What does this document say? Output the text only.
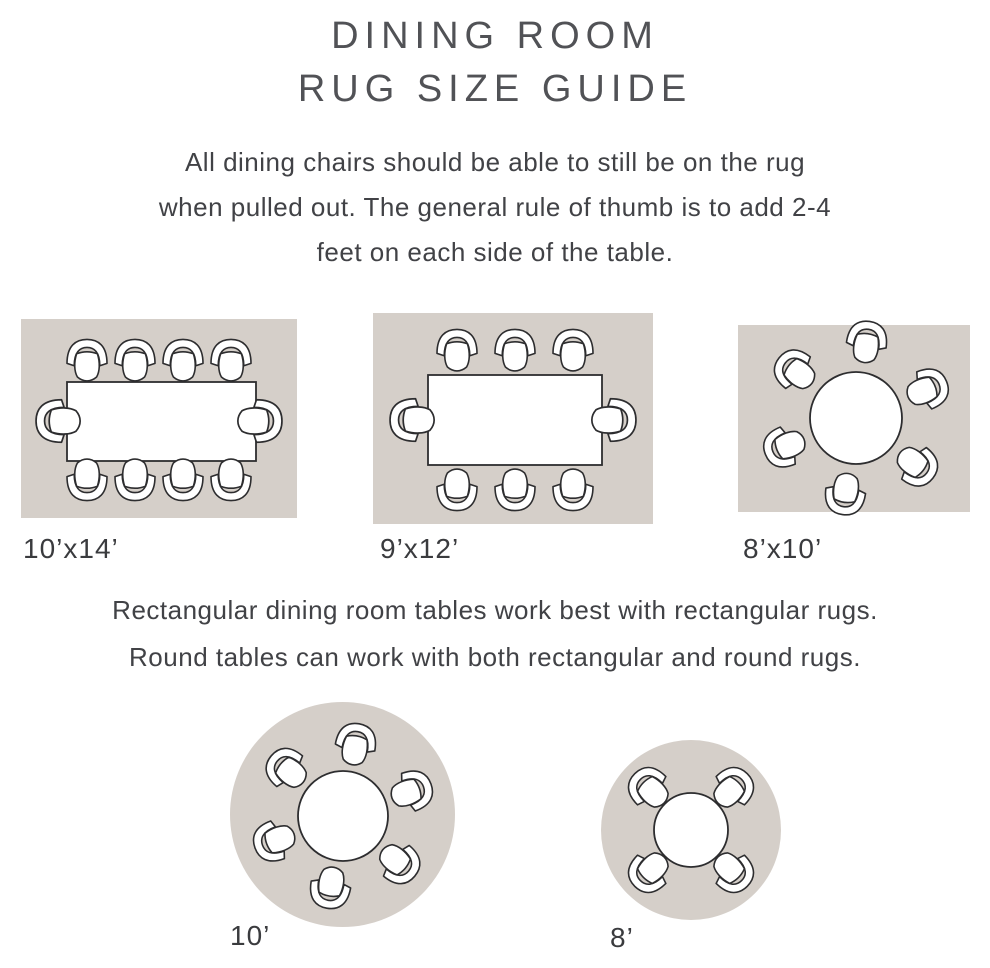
DINING ROOM
RUG SIZE GUIDE
All dining chairs should be able to still be on the rug
when pulled out. The general rule of thumb is to add 2-4
feet on each side of the table.
10’x14’	9’x12’	8’x10’
Rectangular dining room tables work best with rectangular rugs.
Round tables can work with both rectangular and round rugs.
10’	8’
